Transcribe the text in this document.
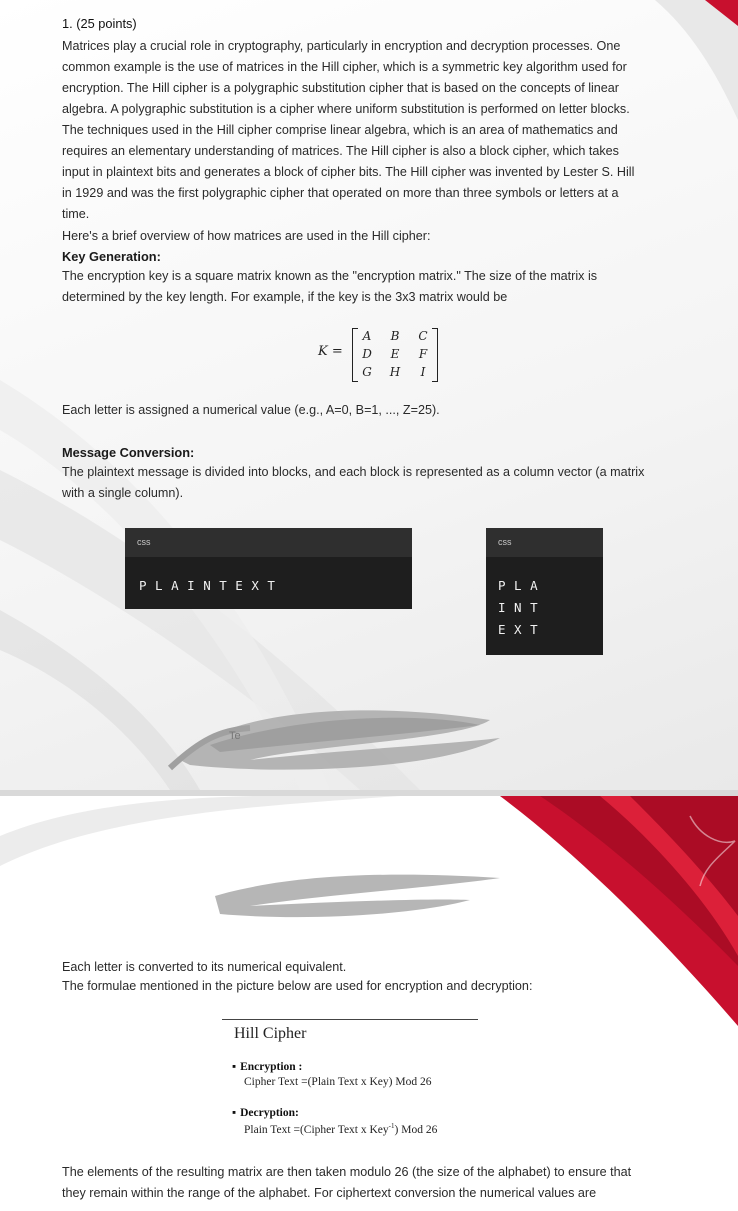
1. (25 points)
Matrices play a crucial role in cryptography, particularly in encryption and decryption processes. One
common example is the use of matrices in the Hill cipher, which is a symmetric key algorithm used for
encryption. The Hill cipher is a polygraphic substitution cipher that is based on the concepts of linear
algebra. A polygraphic substitution is a cipher where uniform substitution is performed on letter blocks.
The techniques used in the Hill cipher comprise linear algebra, which is an area of mathematics and
requires an elementary understanding of matrices. The Hill cipher is also a block cipher, which takes
input in plaintext bits and generates a block of cipher bits. The Hill cipher was invented by Lester S. Hill
in 1929 and was the first polygraphic cipher that operated on more than three symbols or letters at a
time.
Here's a brief overview of how matrices are used in the Hill cipher:
Key Generation:
The encryption key is a square matrix known as the "encryption matrix." The size of the matrix is
determined by the key length. For example, if the key is the 3x3 matrix would be
K =
A	B	C
D	E	F
G	H	I
Each letter is assigned a numerical value (e.g., A=0, B=1, ..., Z=25).
Message Conversion:
The plaintext message is divided into blocks, and each block is represented as a column vector (a matrix
with a single column).
css
P L A I N T E X T
css
P L A
I N T
E X T
Te
Each letter is converted to its numerical equivalent.
The formulae mentioned in the picture below are used for encryption and decryption:
Hill Cipher
▪ Encryption :
Cipher Text =(Plain Text x Key) Mod 26
▪ Decryption:
Plain Text =(Cipher Text x Key$^{-1}$) Mod 26
The elements of the resulting matrix are then taken modulo 26 (the size of the alphabet) to ensure that
they remain within the range of the alphabet. For ciphertext conversion the numerical values are
